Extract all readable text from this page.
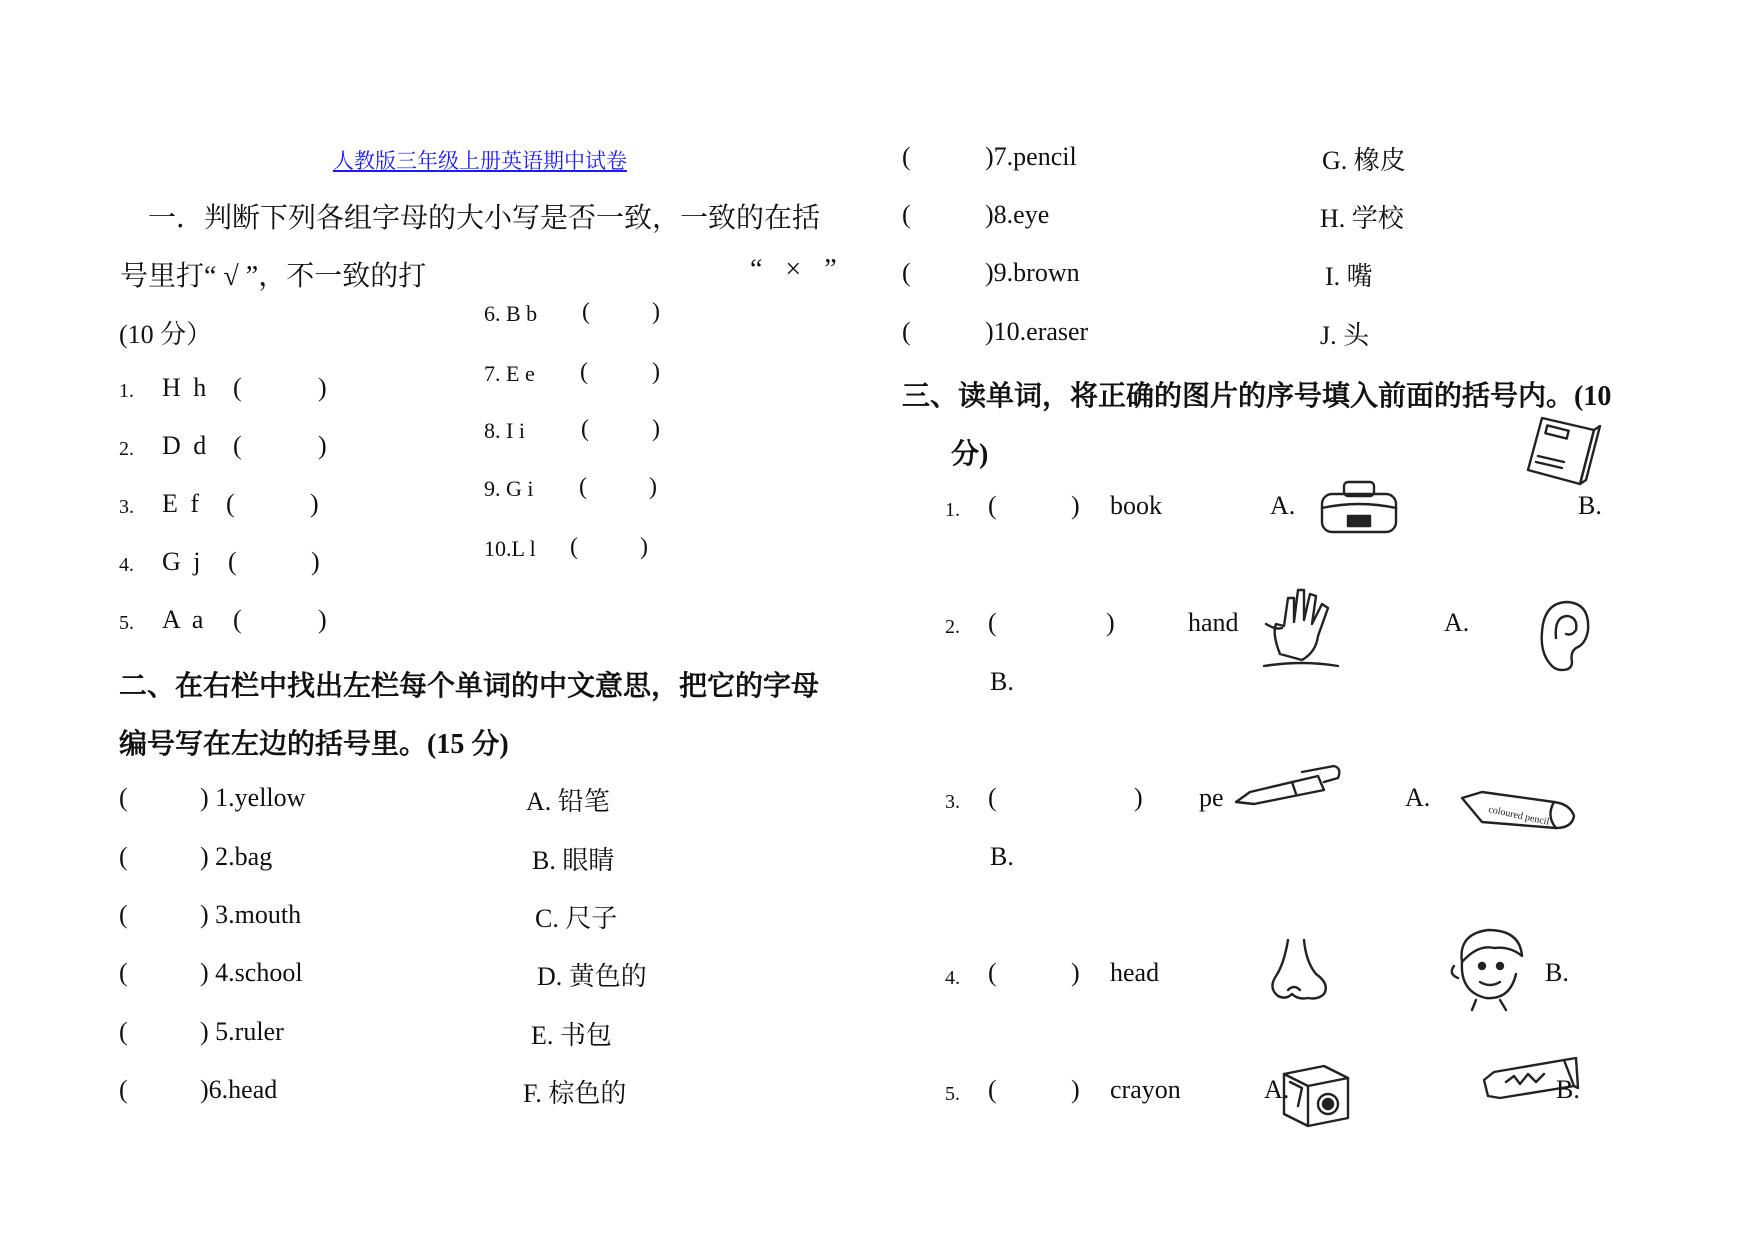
人教版三年级上册英语期中试卷
一．判断下列各组字母的大小写是否一致，一致的在括
号里打“ √ ”，不一致的打	“ × ”
(10 分）
1. H h (	)
2. D d (	)
3. E f (	)
4. G j (	)
5. A a (	)
6. B b (	)
7. E e (	)
8. I i (	)
9. G i (	)
10.L l (	)
二、在右栏中找出左栏每个单词的中文意思，把它的字母
编号写在左边的括号里。(15 分)
(	) 1.yellow	A. 铅笔
(	) 2.bag	B. 眼睛
(	) 3.mouth	C. 尺子
(	) 4.school	D. 黄色的
(	) 5.ruler	E. 书包
(	)6.head	F. 棕色的
(	)7.pencil	G. 橡皮
(	)8.eye	H. 学校
(	)9.brown	I. 嘴
(	)10.eraser	J. 头
三、读单词，将正确的图片的序号填入前面的括号内。(10
分)
1. (	) book	A.	B.
2. (	)	hand	A.
B.
3. (	) pe	A.
coloured pencil
B.
4. (	) head	B.
5. (	) crayon	A.	B.
